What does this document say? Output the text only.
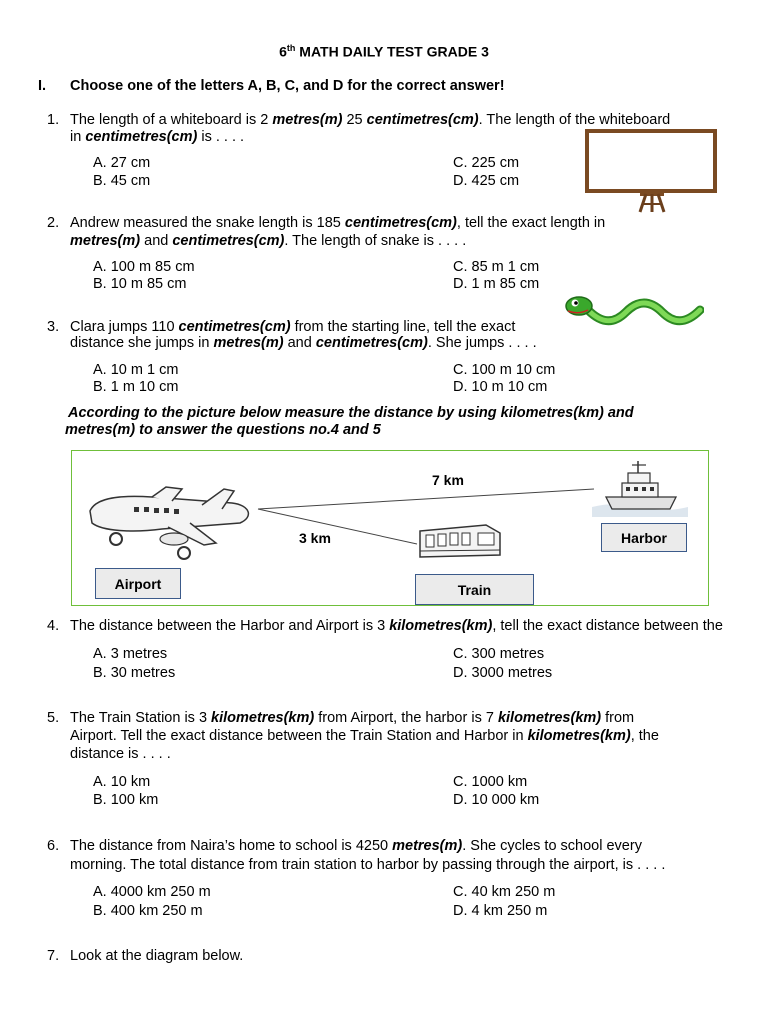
6th MATH DAILY TEST GRADE 3
I. Choose one of the letters A, B, C, and D for the correct answer!
1. The length of a whiteboard is 2 metres(m) 25 centimetres(cm). The length of the whiteboard
in centimetres(cm) is . . . .
A. 27 cm
B. 45 cm
C. 225 cm
D. 425 cm
2. Andrew measured the snake length is 185 centimetres(cm), tell the exact length in
metres(m) and centimetres(cm). The length of snake is . . . .
A. 100 m 85 cm
B. 10 m 85 cm
C. 85 m 1 cm
D. 1 m 85 cm
3. Clara jumps 110 centimetres(cm) from the starting line, tell the exact
distance she jumps in metres(m) and centimetres(cm). She jumps . . . .
A. 10 m 1 cm
B. 1 m 10 cm
C. 100 m 10 cm
D. 10 m 10 cm
According to the picture below measure the distance by using kilometres(km) and
metres(m) to answer the questions no.4 and 5
7 km
3 km
Airport	Train
Harbor
4. The distance between the Harbor and Airport is 3 kilometres(km), tell the exact distance between the
A. 3 metres
B. 30 metres
C. 300 metres
D. 3000 metres
5. The Train Station is 3 kilometres(km) from Airport, the harbor is 7 kilometres(km) from
Airport. Tell the exact distance between the Train Station and Harbor in kilometres(km), the
distance is . . . .
A. 10 km
B. 100 km
C. 1000 km
D. 10 000 km
6. The distance from Naira’s home to school is 4250 metres(m). She cycles to school every
morning. The total distance from train station to harbor by passing through the airport, is . . . .
A. 4000 km 250 m
B. 400 km 250 m
C. 40 km 250 m
D. 4 km 250 m
7. Look at the diagram below.
